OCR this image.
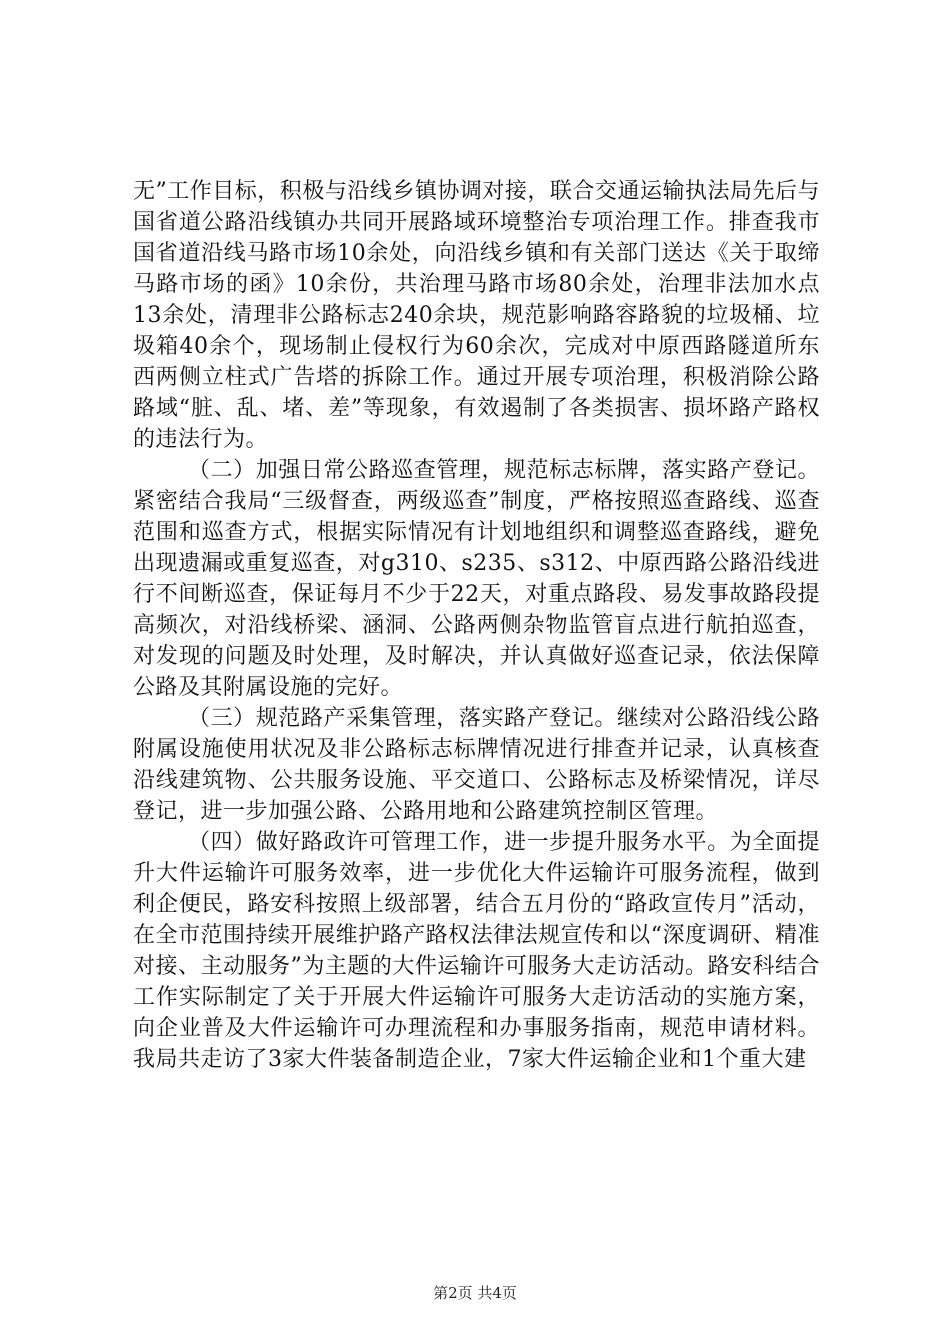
无”工作目标，积极与沿线乡镇协调对接，联合交通运输执法局先后与国省道公路沿线镇办共同开展路域环境整治专项治理工作。排查我市国省道沿线马路市场10余处，向沿线乡镇和有关部门送达《关于取缔马路市场的函》10余份，共治理马路市场80余处，治理非法加水点13余处，清理非公路标志240余块，规范影响路容路貌的垃圾桶、垃圾箱40余个，现场制止侵权行为60余次，完成对中原西路隧道所东西两侧立柱式广告塔的拆除工作。通过开展专项治理，积极消除公路路域“脏、乱、堵、差”等现象，有效遏制了各类损害、损坏路产路权的违法行为。

（二）加强日常公路巡查管理，规范标志标牌，落实路产登记。紧密结合我局“三级督查，两级巡查”制度，严格按照巡查路线、巡查范围和巡查方式，根据实际情况有计划地组织和调整巡查路线，避免出现遗漏或重复巡查，对g310、s235、s312、中原西路公路沿线进行不间断巡查，保证每月不少于22天，对重点路段、易发事故路段提高频次，对沿线桥梁、涵洞、公路两侧杂物监管盲点进行航拍巡查，对发现的问题及时处理，及时解决，并认真做好巡查记录，依法保障公路及其附属设施的完好。

（三）规范路产采集管理，落实路产登记。继续对公路沿线公路附属设施使用状况及非公路标志标牌情况进行排查并记录，认真核查沿线建筑物、公共服务设施、平交道口、公路标志及桥梁情况，详尽登记，进一步加强公路、公路用地和公路建筑控制区管理。

（四）做好路政许可管理工作，进一步提升服务水平。为全面提升大件运输许可服务效率，进一步优化大件运输许可服务流程，做到利企便民，路安科按照上级部署，结合五月份的“路政宣传月”活动，在全市范围持续开展维护路产路权法律法规宣传和以“深度调研、精准对接、主动服务”为主题的大件运输许可服务大走访活动。路安科结合工作实际制定了关于开展大件运输许可服务大走访活动的实施方案，向企业普及大件运输许可办理流程和办事服务指南，规范申请材料。我局共走访了3家大件装备制造企业，7家大件运输企业和1个重大建

第2页 共4页
